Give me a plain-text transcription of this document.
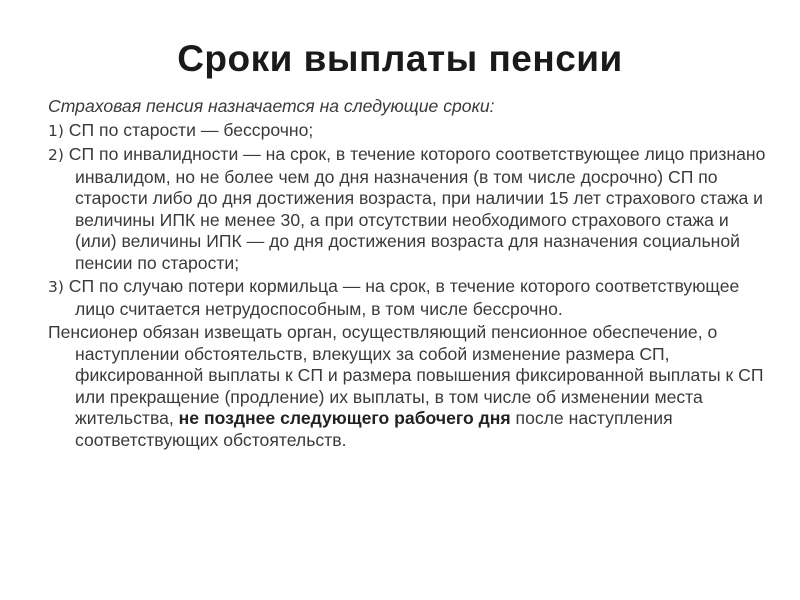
Сроки выплаты пенсии

Страховая пенсия назначается на следующие сроки:

1) СП по старости — бессрочно;

2) СП по инвалидности — на срок, в течение которого соответствующее лицо признано инвалидом, но не более чем до дня назначения (в том числе досрочно) СП по старости либо до дня достижения возраста, при наличии 15 лет страхового стажа и величины ИПК не менее 30, а при отсутствии необходимого страхового стажа и (или) величины ИПК — до дня достижения возраста для назначения социальной пенсии по старости;

3) СП по случаю потери кормильца — на срок, в течение которого соответствующее лицо считается нетрудоспособным, в том числе бессрочно.

Пенсионер обязан извещать орган, осуществляющий пенсионное обеспечение, о наступлении обстоятельств, влекущих за собой изменение размера СП, фиксированной выплаты к СП и размера повышения фиксированной выплаты к СП или прекращение (продление) их выплаты, в том числе об изменении места жительства, не позднее следующего рабочего дня после наступления соответствующих обстоятельств.
